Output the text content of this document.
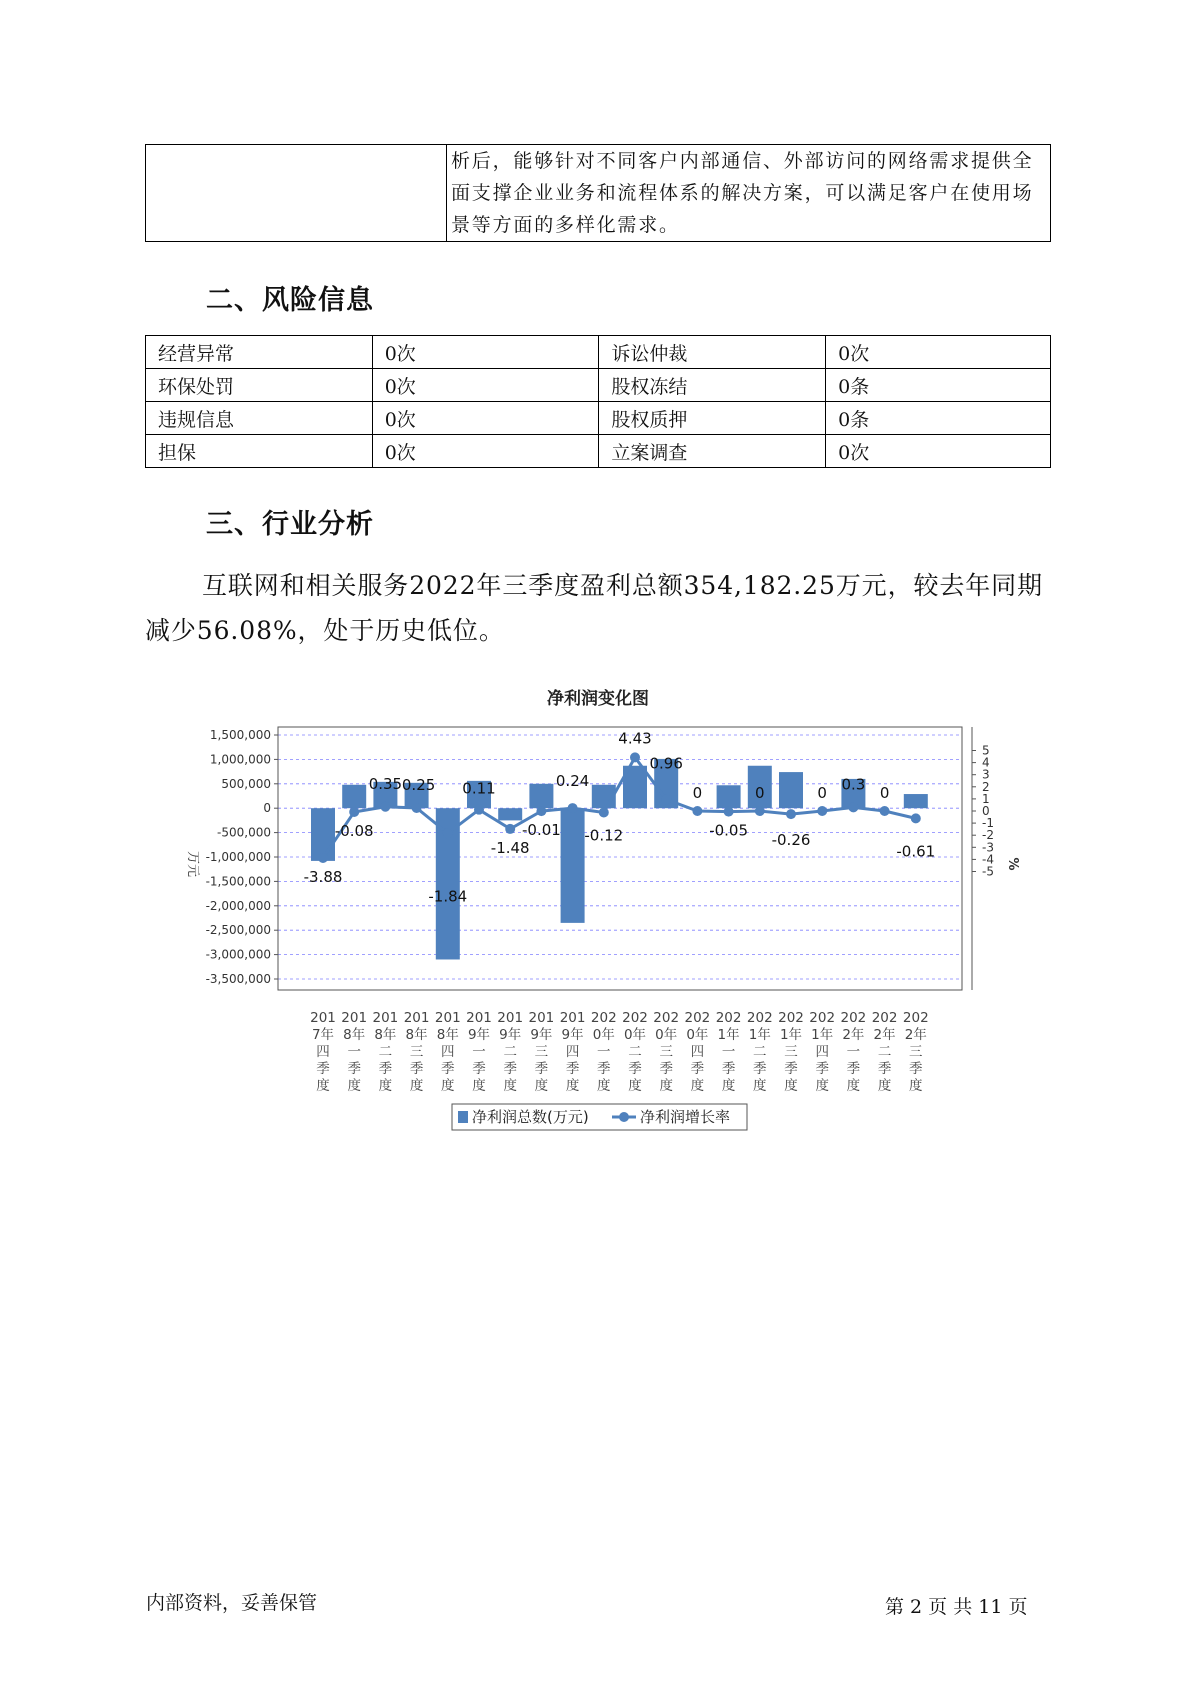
	析后，能够针对不同客户内部通信、外部访问的网络需求提供全面支撑企业业务和流程体系的解决方案，可以满足客户在使用场景等方面的多样化需求。
二、风险信息
经营异常	0次	诉讼仲裁	0次
环保处罚	0次	股权冻结	0条
违规信息	0次	股权质押	0条
担保	0次	立案调查	0次
三、行业分析
互联网和相关服务2022年三季度盈利总额354,182.25万元，较去年同期减少56.08%，处于历史低位。
净利润变化图
1,500,000
1,000,000
500,000
0
-500,000
-1,000,000
-1,500,000
-2,000,000
-2,500,000
-3,000,000
-3,500,000
5
4
3
2
1
0
-1
-2
-3
-4
-5
-3.88
-0.08
0.35 0.25
-1.84
0.11
-1.48
-0.01
0.24
-0.12
4.43
0.96
0
-0.05
0
-0.26
0 0.3 0
-0.61
201
7年
四
季
度
201
8年
一
季
度
201
8年
二
季
度
201
8年
三
季
度
201
8年
四
季
度
201
9年
一
季
度
201
9年
二
季
度
201
9年
三
季
度
201
9年
四
季
度
202
0年
一
季
度
202
0年
二
季
度
202
0年
三
季
度
202
0年
四
季
度
202
1年
一
季
度
202
1年
二
季
度
202
1年
三
季
度
202
1年
四
季
度
202
2年
一
季
度
202
2年
二
季
度
202
2年
三
季
度
万元	%
净利润总数(万元)	净利润增长率
内部资料，妥善保管	第 2 页 共 11 页
